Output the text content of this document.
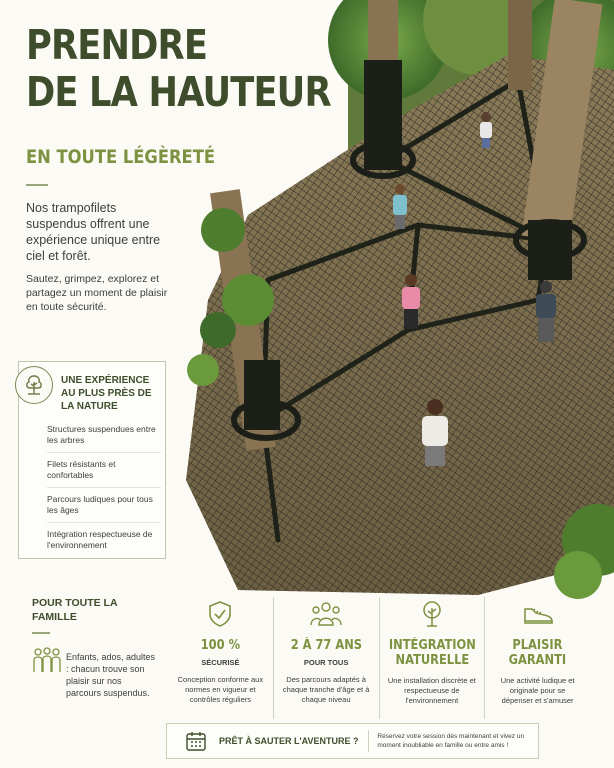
PRENDRE
DE LA HAUTEUR
EN TOUTE LÉGÈRETÉ

Nos trampofilets suspendus offrent une expérience unique entre ciel et forêt.

Sautez, grimpez, explorez et partagez un moment de plaisir en toute sécurité.

UNE EXPÉRIENCE AU PLUS PRÈS DE LA NATURE
Structures suspendues entre les arbres
Filets résistants et confortables
Parcours ludiques pour tous les âges
Intégration respectueuse de l'environnement
POUR TOUTE LA FAMILLE

Enfants, ados, adultes : chacun trouve son plaisir sur nos parcours suspendus.

100 %
SÉCURISÉ
Conception conforme aux normes en vigueur et contrôles réguliers
2 À 77 ANS
POUR TOUS
Des parcours adaptés à chaque tranche d'âge et à chaque niveau
INTÉGRATION NATURELLE
Une installation discrète et respectueuse de l'environnement
PLAISIR GARANTI
Une activité ludique et originale pour se dépenser et s'amuser
PRÊT À SAUTER L'AVENTURE ?	Réservez votre session dès maintenant et vivez un moment inoubliable en famille ou entre amis !
